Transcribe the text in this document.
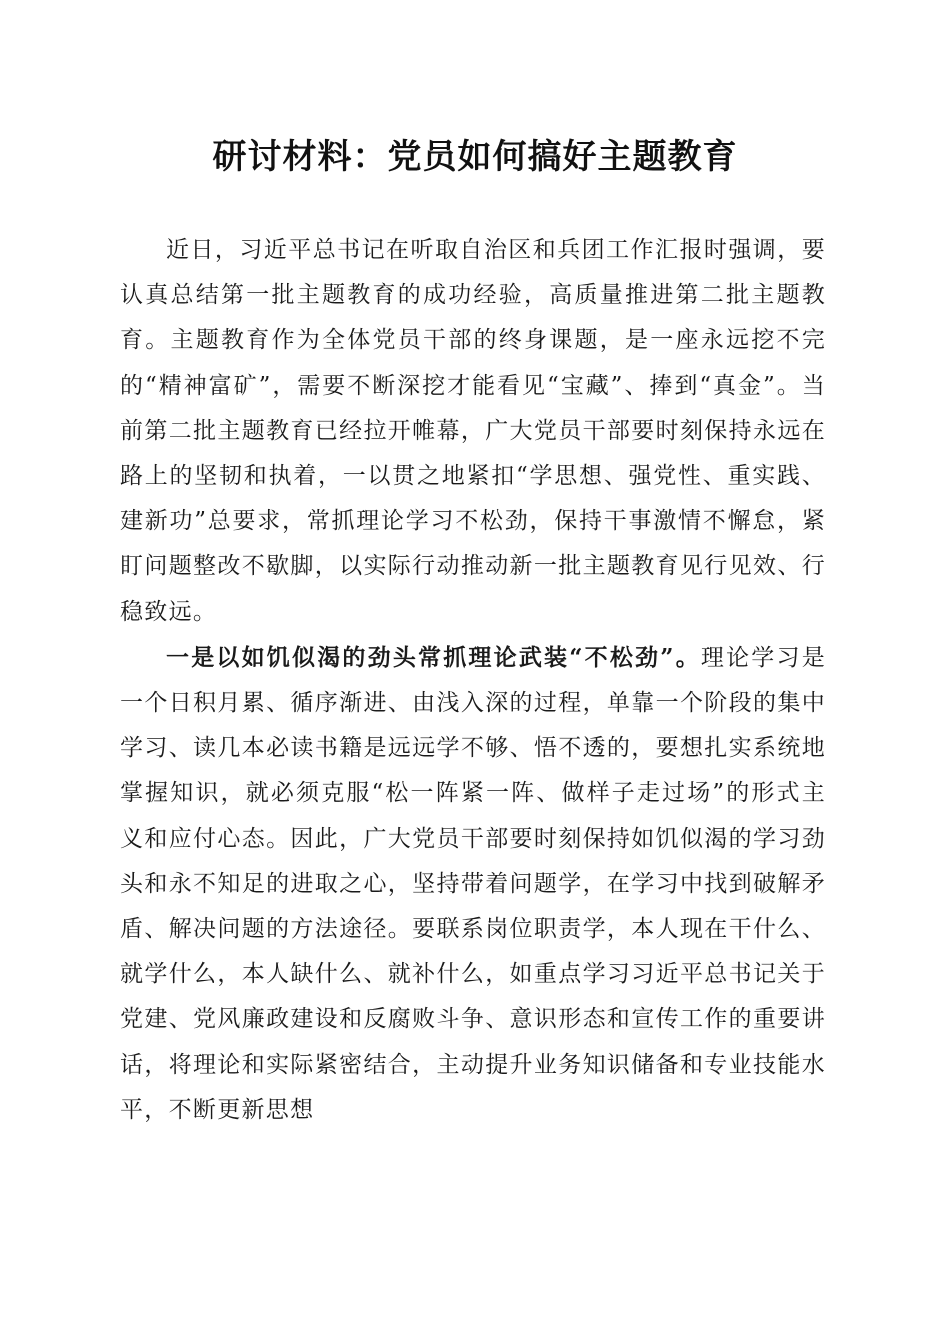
研讨材料：党员如何搞好主题教育

近日，习近平总书记在听取自治区和兵团工作汇报时强调，要认真总结第一批主题教育的成功经验，高质量推进第二批主题教育。主题教育作为全体党员干部的终身课题，是一座永远挖不完的“精神富矿”，需要不断深挖才能看见“宝藏”、捧到“真金”。当前第二批主题教育已经拉开帷幕，广大党员干部要时刻保持永远在路上的坚韧和执着，一以贯之地紧扣“学思想、强党性、重实践、建新功”总要求，常抓理论学习不松劲，保持干事激情不懈怠，紧盯问题整改不歇脚，以实际行动推动新一批主题教育见行见效、行稳致远。

一是以如饥似渴的劲头常抓理论武装“不松劲”。理论学习是一个日积月累、循序渐进、由浅入深的过程，单靠一个阶段的集中学习、读几本必读书籍是远远学不够、悟不透的，要想扎实系统地掌握知识，就必须克服“松一阵紧一阵、做样子走过场”的形式主义和应付心态。因此，广大党员干部要时刻保持如饥似渴的学习劲头和永不知足的进取之心，坚持带着问题学，在学习中找到破解矛盾、解决问题的方法途径。要联系岗位职责学，本人现在干什么、就学什么，本人缺什么、就补什么，如重点学习习近平总书记关于党建、党风廉政建设和反腐败斗争、意识形态和宣传工作的重要讲话，将理论和实际紧密结合，主动提升业务知识储备和专业技能水平，不断更新思想
